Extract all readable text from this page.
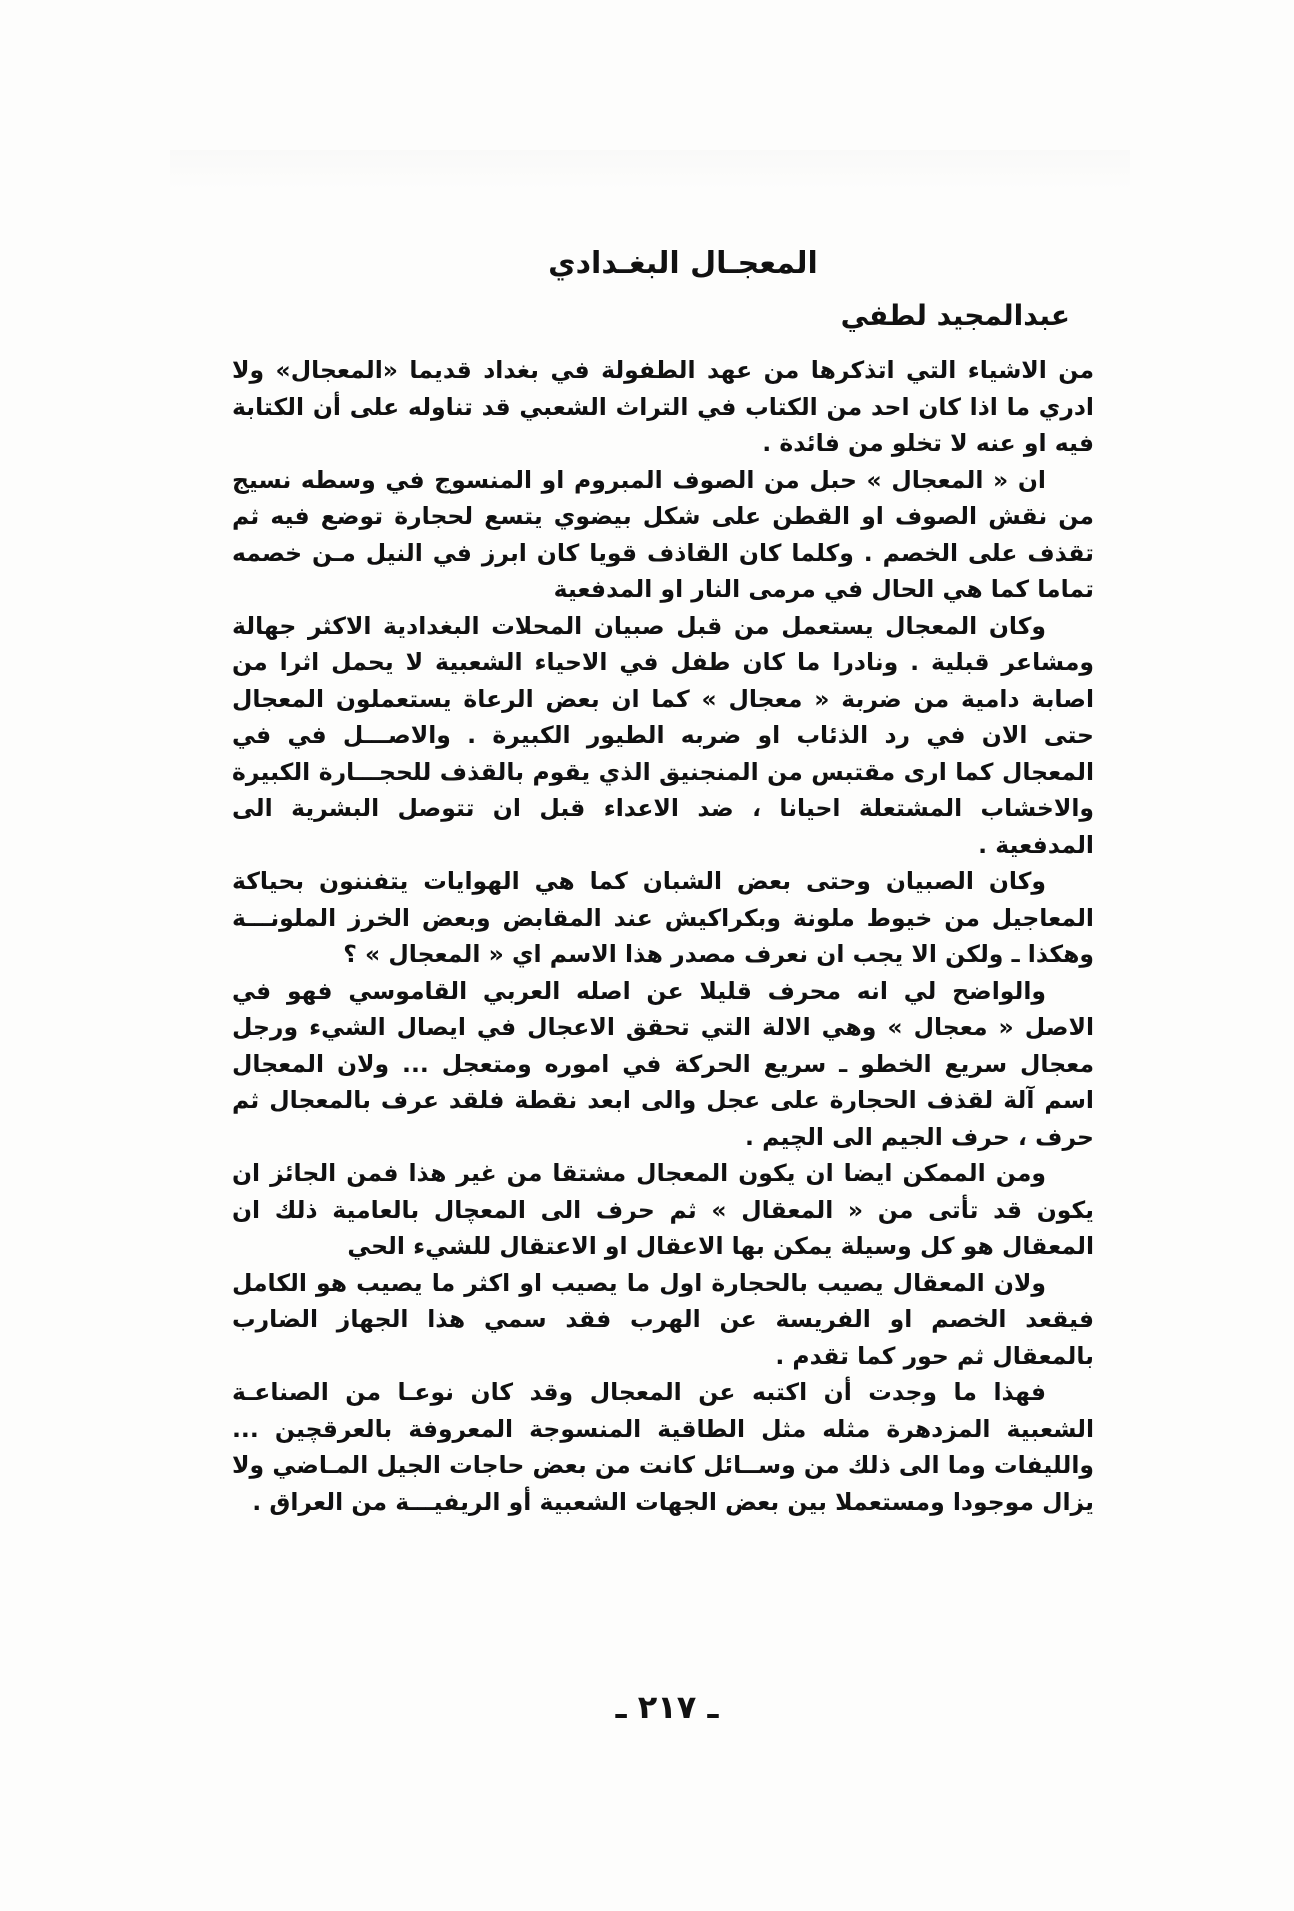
المعجـال البغـدادي
عبدالمجيد لطفي

من الاشياء التي اتذكرها من عهد الطفولة في بغداد قديما «المعجال» ولا ادري ما اذا كان احد من الكتاب في التراث الشعبي قد تناوله على أن الكتابة فيه او عنه لا تخلو من فائدة .

ان « المعجال » حبل من الصوف المبروم او المنسوج في وسطه نسيج من نقش الصوف او القطن على شكل بيضوي يتسع لحجارة توضع فيه ثم تقذف على الخصم . وكلما كان القاذف قويا كان ابرز في النيل مـن خصمه تماما كما هي الحال في مرمى النار او المدفعية

وكان المعجال يستعمل من قبل صبيان المحلات البغدادية الاكثر جهالة ومشاعر قبلية . ونادرا ما كان طفل في الاحياء الشعبية لا يحمل اثرا من اصابة دامية من ضربة « معجال » كما ان بعض الرعاة يستعملون المعجال حتى الان في رد الذئاب او ضربه الطيور الكبيرة . والاصـــل في في المعجال كما ارى مقتبس من المنجنيق الذي يقوم بالقذف للحجـــارة الكبيرة والاخشاب المشتعلة احيانا ، ضد الاعداء قبل ان تتوصل البشرية الى المدفعية .

وكان الصبيان وحتى بعض الشبان كما هي الهوايات يتفننون بحياكة المعاجيل من خيوط ملونة وبكراكيش عند المقابض وبعض الخرز الملونـــة وهكذا ـ ولكن الا يجب ان نعرف مصدر هذا الاسم اي « المعجال » ؟

والواضح لي انه محرف قليلا عن اصله العربي القاموسي فهو في الاصل « معجال » وهي الالة التي تحقق الاعجال في ايصال الشيء ورجل معجال سريع الخطو ـ سريع الحركة في اموره ومتعجل ... ولان المعجال اسم آلة لقذف الحجارة على عجل والى ابعد نقطة فلقد عرف بالمعجال ثم حرف ، حرف الجيم الى الچيم .

ومن الممكن ايضا ان يكون المعجال مشتقا من غير هذا فمن الجائز ان يكون قد تأتى من « المعقال » ثم حرف الى المعچال بالعامية ذلك ان المعقال هو كل وسيلة يمكن بها الاعقال او الاعتقال للشيء الحي

ولان المعقال يصيب بالحجارة اول ما يصيب او اكثر ما يصيب هو الكامل فيقعد الخصم او الفريسة عن الهرب فقد سمي هذا الجهاز الضارب بالمعقال ثم حور كما تقدم .

فهذا ما وجدت أن اكتبه عن المعجال وقد كان نوعـا من الصناعـة الشعبية المزدهرة مثله مثل الطاقية المنسوجة المعروفة بالعرقچين ... والليفات وما الى ذلك من وســائل كانت من بعض حاجات الجيل المـاضي ولا يزال موجودا ومستعملا بين بعض الجهات الشعبية أو الريفيـــة من العراق .

ـ ٢١٧ ـ
